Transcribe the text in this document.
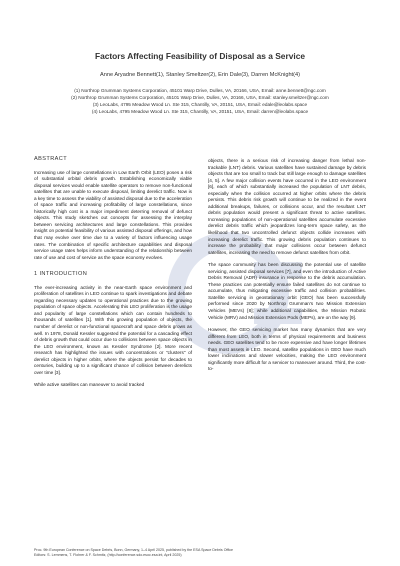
Factors Affecting Feasibility of Disposal as a Service
Anne Aryadne Bennett(1), Stanley Smeltzer(2), Erin Dale(3), Darren McKnight(4)
(1) Northrop Grumman Systems Corporation, 45101 Warp Drive, Dulles, VA, 20166, USA, Email: anne.bennett@ngc.com
(2) Northrop Grumman Systems Corporation, 45101 Warp Drive, Dulles, VA, 20166, USA, Email: stanley.smeltzer@ngc.com
(3) LeoLabs, 4795 Meadow Wood Ln. Ste 315, Chantilly, VA, 20151, USA, Email: edale@leolabs.space
(4) LeoLabs, 4795 Meadow Wood Ln. Ste 315, Chantilly, VA, 20151, USA, Email: darren@leolabs.space
ABSTRACT

Increasing use of large constellations in Low Earth Orbit (LEO) poses a risk of substantial orbital debris growth. Establishing economically viable disposal services would enable satellite operators to remove non-functional satellites that are unable to execute disposal, limiting derelict traffic. Now is a key time to assess the viability of assisted disposal due to the acceleration of space traffic and increasing profitability of large constellations, since historically high cost is a major impediment deterring removal of defunct objects. This study sketches out concepts for assessing the interplay between servicing architectures and large constellations. This provides insight on potential feasibility of various assisted disposal offerings, and how that may evolve over time due to a variety of factors influencing usage rates. The combination of specific architecture capabilities and disposal service usage rates helps inform understanding of the relationship between rate of use and cost of service as the space economy evolves.

1 INTRODUCTION

The ever-increasing activity in the near-Earth space environment and proliferation of satellites in LEO continue to spark investigations and debate regarding necessary updates to operational practices due to the growing population of space objects. Accelerating this LEO proliferation is the usage and popularity of large constellations which can contain hundreds to thousands of satellites [1]. With this growing population of objects, the number of derelict or non-functional spacecraft and space debris grows as well. In 1978, Donald Kessler suggested the potential for a cascading effect of debris growth that could occur due to collisions between space objects in the LEO environment, known as Kessler Syndrome [2]. More recent research has highlighted the issues with concentrations or "clusters" of derelict objects in higher orbits, where the objects persist for decades to centuries, building up to a significant chance of collision between derelicts over time [3].

While active satellites can maneuver to avoid tracked

objects, there is a serious risk of increasing danger from lethal non-trackable (LNT) debris. Various satellites have sustained damage by debris objects that are too small to track but still large enough to damage satellites [4, 5]. A few major collision events have occurred in the LEO environment [6], each of which substantially increased the population of LNT debris, especially when the collision occurred at higher orbits where the debris persists. This debris risk growth will continue to be realized in the event additional breakups, failures, or collisions occur, and the resultant LNT debris population would present a significant threat to active satellites. Increasing populations of non-operational satellites accumulate excessive derelict debris traffic which jeopardizes long-term space safety, as the likelihood that two uncontrolled defunct objects collide increases with increasing derelict traffic. This growing debris population continues to increase the probability that major collisions occur between defunct satellites, increasing the need to remove defunct satellites from orbit.

The space community has been discussing the potential use of satellite servicing, assisted disposal services [7], and even the introduction of Active Debris Removal (ADR) insurance in response to the debris accumulation. These practices can potentially ensure failed satellites do not continue to accumulate, thus mitigating excessive traffic and collision probabilities. Satellite servicing in geostationary orbit (GEO) has been successfully performed since 2020 by Northrop Grumman's two Mission Extension Vehicles (MEVs) [8]; while additional capabilities, the Mission Robotic Vehicle (MRV) and Mission Extension Pods (MEPs), are on the way [9].

However, the GEO servicing market has many dynamics that are very different from LEO, both in terms of physical requirements and business needs. GEO satellites tend to be more expensive and have longer lifetimes than most assets in LEO. Second, satellite populations in GEO have much lower inclinations and slower velocities, making the LEO environment significantly more difficult for a servicer to maneuver around. Third, the cost-to-

Proc. 9th European Conference on Space Debris, Bonn, Germany, 1–4 April 2025, published by the ESA Space Debris Office
Editors: S. Lemmens, T. Flohrer & F. Schmitz, (http://conference.sdo.esoc.esa.int, April 2025)
